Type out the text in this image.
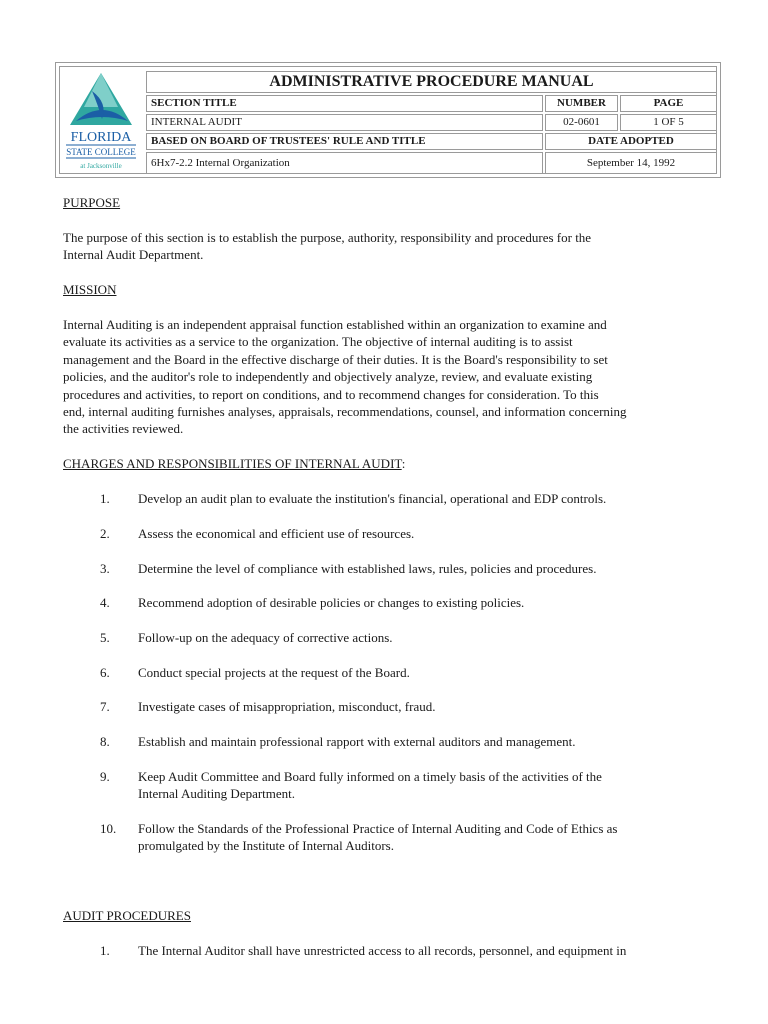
FLORIDA
STATE COLLEGE
at Jacksonville
ADMINISTRATIVE PROCEDURE MANUAL
SECTION TITLE	NUMBER	PAGE
INTERNAL AUDIT	02-0601	1 OF 5
BASED ON BOARD OF TRUSTEES' RULE AND TITLE	DATE ADOPTED
6Hx7-2.2 Internal Organization	September 14, 1992
PURPOSE
The purpose of this section is to establish the purpose, authority, responsibility and procedures for the
Internal Audit Department.
MISSION
Internal Auditing is an independent appraisal function established within an organization to examine and
evaluate its activities as a service to the organization. The objective of internal auditing is to assist
management and the Board in the effective discharge of their duties. It is the Board's responsibility to set
policies, and the auditor's role to independently and objectively analyze, review, and evaluate existing
procedures and activities, to report on conditions, and to recommend changes for consideration. To this
end, internal auditing furnishes analyses, appraisals, recommendations, counsel, and information concerning
the activities reviewed.
CHARGES AND RESPONSIBILITIES OF INTERNAL AUDIT:
1. Develop an audit plan to evaluate the institution's financial, operational and EDP controls.
2. Assess the economical and efficient use of resources.
3. Determine the level of compliance with established laws, rules, policies and procedures.
4. Recommend adoption of desirable policies or changes to existing policies.
5. Follow-up on the adequacy of corrective actions.
6. Conduct special projects at the request of the Board.
7. Investigate cases of misappropriation, misconduct, fraud.
8. Establish and maintain professional rapport with external auditors and management.
9. Keep Audit Committee and Board fully informed on a timely basis of the activities of the
Internal Auditing Department.
10. Follow the Standards of the Professional Practice of Internal Auditing and Code of Ethics as
promulgated by the Institute of Internal Auditors.
AUDIT PROCEDURES
1. The Internal Auditor shall have unrestricted access to all records, personnel, and equipment in
